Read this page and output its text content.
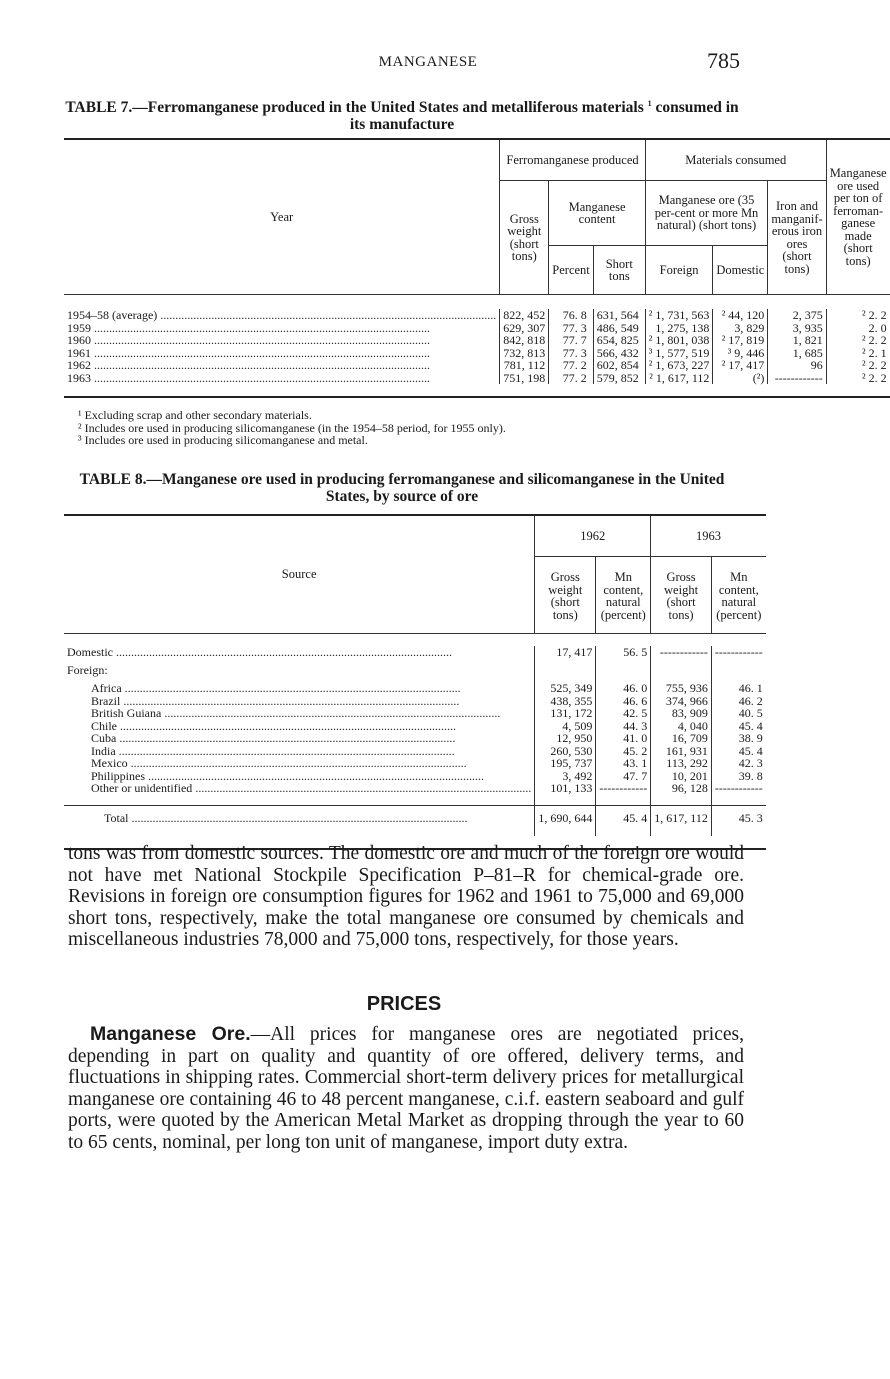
MANGANESE	785
TABLE 7.—Ferromanganese produced in the United States and metalliferous materials $^1$ consumed in its manufacture
Year	Ferromanganese produced			Materials consumed			Manganese ore used per ton of ferroman-ganese made (short tons)
	Gross weight (short tons)	Manganese content		Manganese ore (35 per-cent or more Mn natural) (short tons)		Iron and manganif-erous iron ores (short tons)	
		Percent	Short tons	Foreign	Domestic		

1954–58 (average) .....	822, 452	76. 8	631, 564	² 1, 731, 563	² 44, 120	2, 375	² 2. 2
1959 .....	629, 307	77. 3	486, 549	1, 275, 138	3, 829	3, 935	2. 0
1960 .....	842, 818	77. 7	654, 825	² 1, 801, 038	² 17, 819	1, 821	² 2. 2
1961 .....	732, 813	77. 3	566, 432	³ 1, 577, 519	³ 9, 446	1, 685	² 2. 1
1962 .....	781, 112	77. 2	602, 854	² 1, 673, 227	² 17, 417	96	² 2. 2
1963 .....	751, 198	77. 2	579, 852	² 1, 617, 112	(²)	------------	² 2. 2

¹ Excluding scrap and other secondary materials.
² Includes ore used in producing silicomanganese (in the 1954–58 period, for 1955 only).
³ Includes ore used in producing silicomanganese and metal.
TABLE 8.—Manganese ore used in producing ferromanganese and silicomanganese in the United States, by source of ore
Source	1962		1963	
	Gross weight (short tons)	Mn content, natural (percent)	Gross weight (short tons)	Mn content, natural (percent)

Domestic .....	17, 417	56. 5	------------	------------
Foreign:				
Africa .....	525, 349	46. 0	755, 936	46. 1
Brazil .....	438, 355	46. 6	374, 966	46. 2
British Guiana .....	131, 172	42. 5	83, 909	40. 5
Chile .....	4, 509	44. 3	4, 040	45. 4
Cuba .....	12, 950	41. 0	16, 709	38. 9
India .....	260, 530	45. 2	161, 931	45. 4
Mexico .....	195, 737	43. 1	113, 292	42. 3
Philippines .....	3, 492	47. 7	10, 201	39. 8
Other or unidentified .....	101, 133	------------	96, 128	------------

Total .....	1, 690, 644	45. 4	1, 617, 112	45. 3

tons was from domestic sources. The domestic ore and much of the foreign ore would not have met National Stockpile Specification P–81–R for chemical-grade ore. Revisions in foreign ore consumption figures for 1962 and 1961 to 75,000 and 69,000 short tons, respectively, make the total manganese ore consumed by chemicals and miscellaneous industries 78,000 and 75,000 tons, respectively, for those years.
PRICES
Manganese Ore.—All prices for manganese ores are negotiated prices, depending in part on quality and quantity of ore offered, delivery terms, and fluctuations in shipping rates. Commercial short-term delivery prices for metallurgical manganese ore containing 46 to 48 percent manganese, c.i.f. eastern seaboard and gulf ports, were quoted by the American Metal Market as dropping through the year to 60 to 65 cents, nominal, per long ton unit of manganese, import duty extra.
